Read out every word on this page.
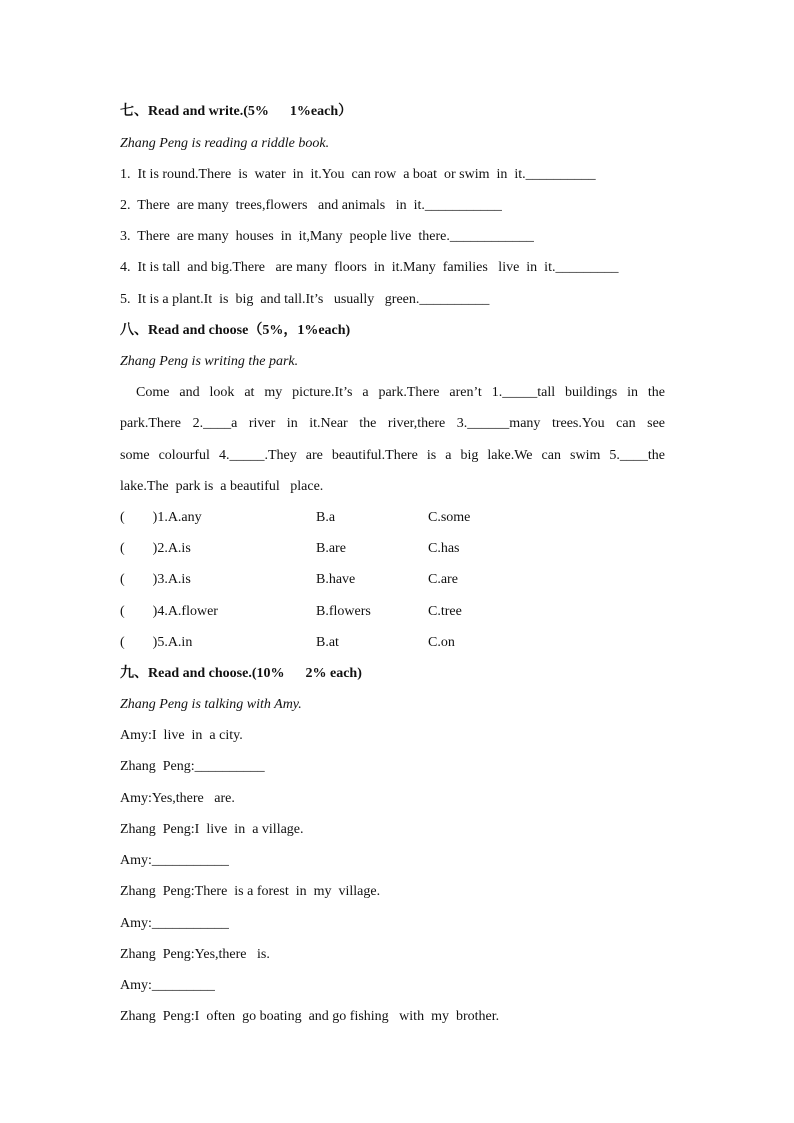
七、Read and write.(5%      1%each）
Zhang Peng is reading a riddle book.
1.  It is round.There  is  water  in  it.You  can row  a boat  or swim  in  it.__________
2.  There  are many  trees,flowers   and animals   in  it.___________
3.  There  are many  houses  in  it,Many  people live  there.____________
4.  It is tall  and big.There   are many  floors  in  it.Many  families   live  in  it._________
5.  It is a plant.It  is  big  and tall.It’s   usually   green.__________
八、Read and choose（5%，1%each)
Zhang Peng is writing the park.
Come and look at my picture.It’s a park.There aren’t 1._____tall buildings in the
park.There 2.____a river in it.Near the river,there 3.______many trees.You can see
some colourful 4._____.They are beautiful.There is a big lake.We can swim 5.____the
lake.The  park is  a beautiful   place.
(        )1.A.any	B.a	C.some
(        )2.A.is	B.are	C.has
(        )3.A.is	B.have	C.are
(        )4.A.flower	B.flowers	C.tree
(        )5.A.in	B.at	C.on
九、Read and choose.(10%      2% each)
Zhang Peng is talking with Amy.
Amy:I  live  in  a city.
Zhang  Peng:__________
Amy:Yes,there   are.
Zhang  Peng:I  live  in  a village.
Amy:___________
Zhang  Peng:There  is a forest  in  my  village.
Amy:___________
Zhang  Peng:Yes,there   is.
Amy:_________
Zhang  Peng:I  often  go boating  and go fishing   with  my  brother.
